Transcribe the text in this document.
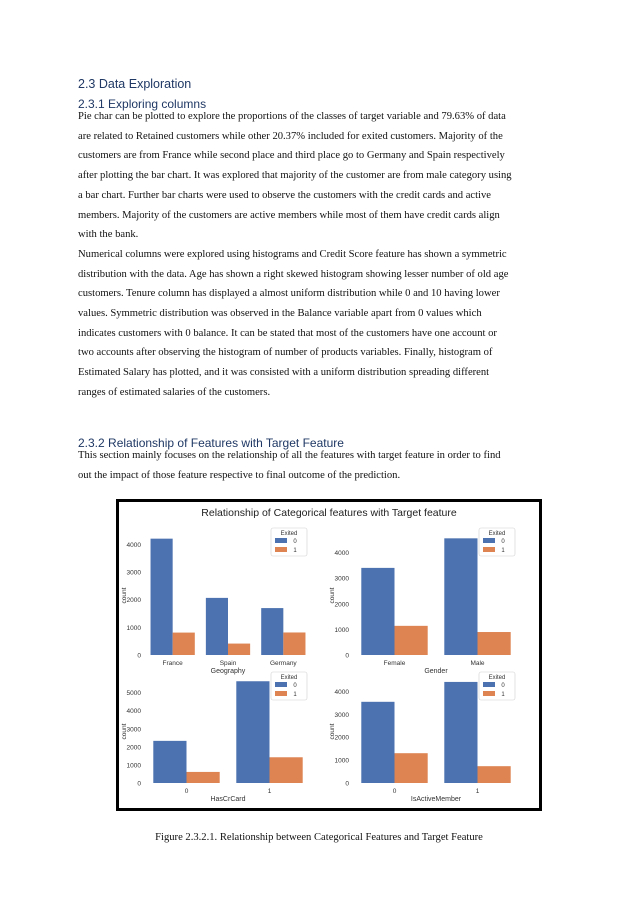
2.3 Data Exploration
2.3.1 Exploring columns
Pie char can be plotted to explore the proportions of the classes of target variable and 79.63% of data
are related to Retained customers while other 20.37% included for exited customers. Majority of the
customers are from France while second place and third place go to Germany and Spain respectively
after plotting the bar chart. It was explored that majority of the customer are from male category using
a bar chart. Further bar charts were used to observe the customers with the credit cards and active
members. Majority of the customers are active members while most of them have credit cards align
with the bank.
Numerical columns were explored using histograms and Credit Score feature has shown a symmetric
distribution with the data. Age has shown a right skewed histogram showing lesser number of old age
customers. Tenure column has displayed a almost uniform distribution while 0 and 10 having lower
values. Symmetric distribution was observed in the Balance variable apart from 0 values which
indicates customers with 0 balance. It can be stated that most of the customers have one account or
two accounts after observing the histogram of number of products variables. Finally, histogram of
Estimated Salary has plotted, and it was consisted with a uniform distribution spreading different
ranges of estimated salaries of the customers.
2.3.2 Relationship of Features with Target Feature
This section mainly focuses on the relationship of all the features with target feature in order to find
out the impact of those feature respective to final outcome of the prediction.
Relationship of Categorical features with Target feature
0
1000
2000
3000
4000
count
France	Spain	Germany
Geography
Exited
0
1
0
1000
2000
3000
4000
count
Female	Male
Gender
Exited
0
1
0
1000
2000
3000
4000
5000
count
0	1
HasCrCard
Exited
0
1
0
1000
2000
3000
4000
count
0	1
IsActiveMember
Exited
0
1
Figure 2.3.2.1. Relationship between Categorical Features and Target Feature
